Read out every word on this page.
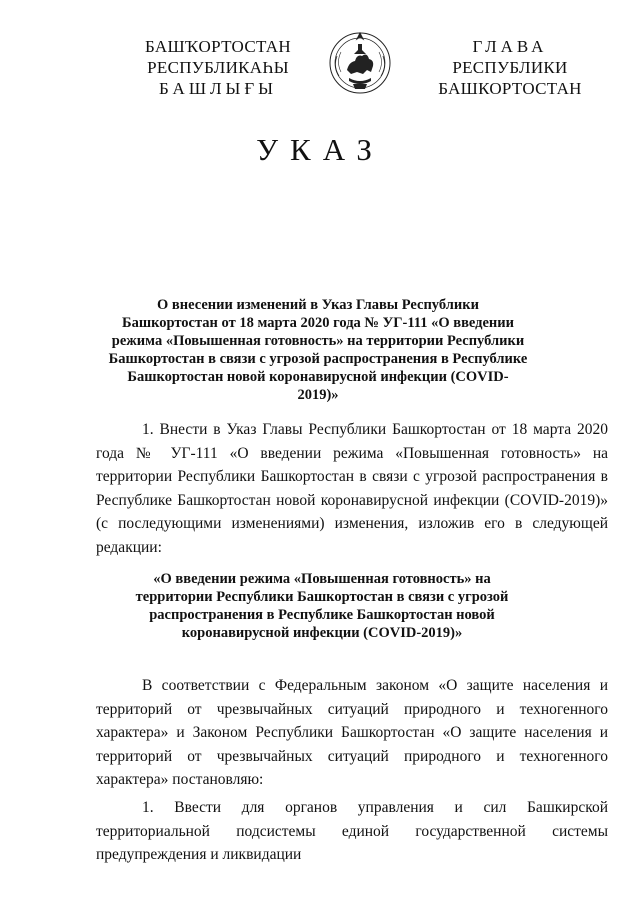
БАШҠОРТОСТАН
РЕСПУБЛИКАҺЫ
БАШЛЫҒЫ
ГЛАВА
РЕСПУБЛИКИ
БАШКОРТОСТАН
УКАЗ
О внесении изменений в Указ Главы Республики Башкортостан от 18 марта 2020 года № УГ-111 «О введении режима «Повышенная готовность» на территории Республики Башкортостан в связи с угрозой распространения в Республике Башкортостан новой коронавирусной инфекции (COVID-2019)»
1. Внести в Указ Главы Республики Башкортостан от 18 марта 2020 года № УГ-111 «О введении режима «Повышенная готовность» на территории Республики Башкортостан в связи с угрозой распространения в Республике Башкортостан новой коронавирусной инфекции (COVID-2019)» (с последующими изменениями) изменения, изложив его в следующей редакции:
«О введении режима «Повышенная готовность» на территории Республики Башкортостан в связи с угрозой распространения в Республике Башкортостан новой коронавирусной инфекции (COVID-2019)»
В соответствии с Федеральным законом «О защите населения и территорий от чрезвычайных ситуаций природного и техногенного характера» и Законом Республики Башкортостан «О защите населения и территорий от чрезвычайных ситуаций природного и техногенного характера» постановляю:
1. Ввести для органов управления и сил Башкирской территориальной подсистемы единой государственной системы предупреждения и ликвидации
